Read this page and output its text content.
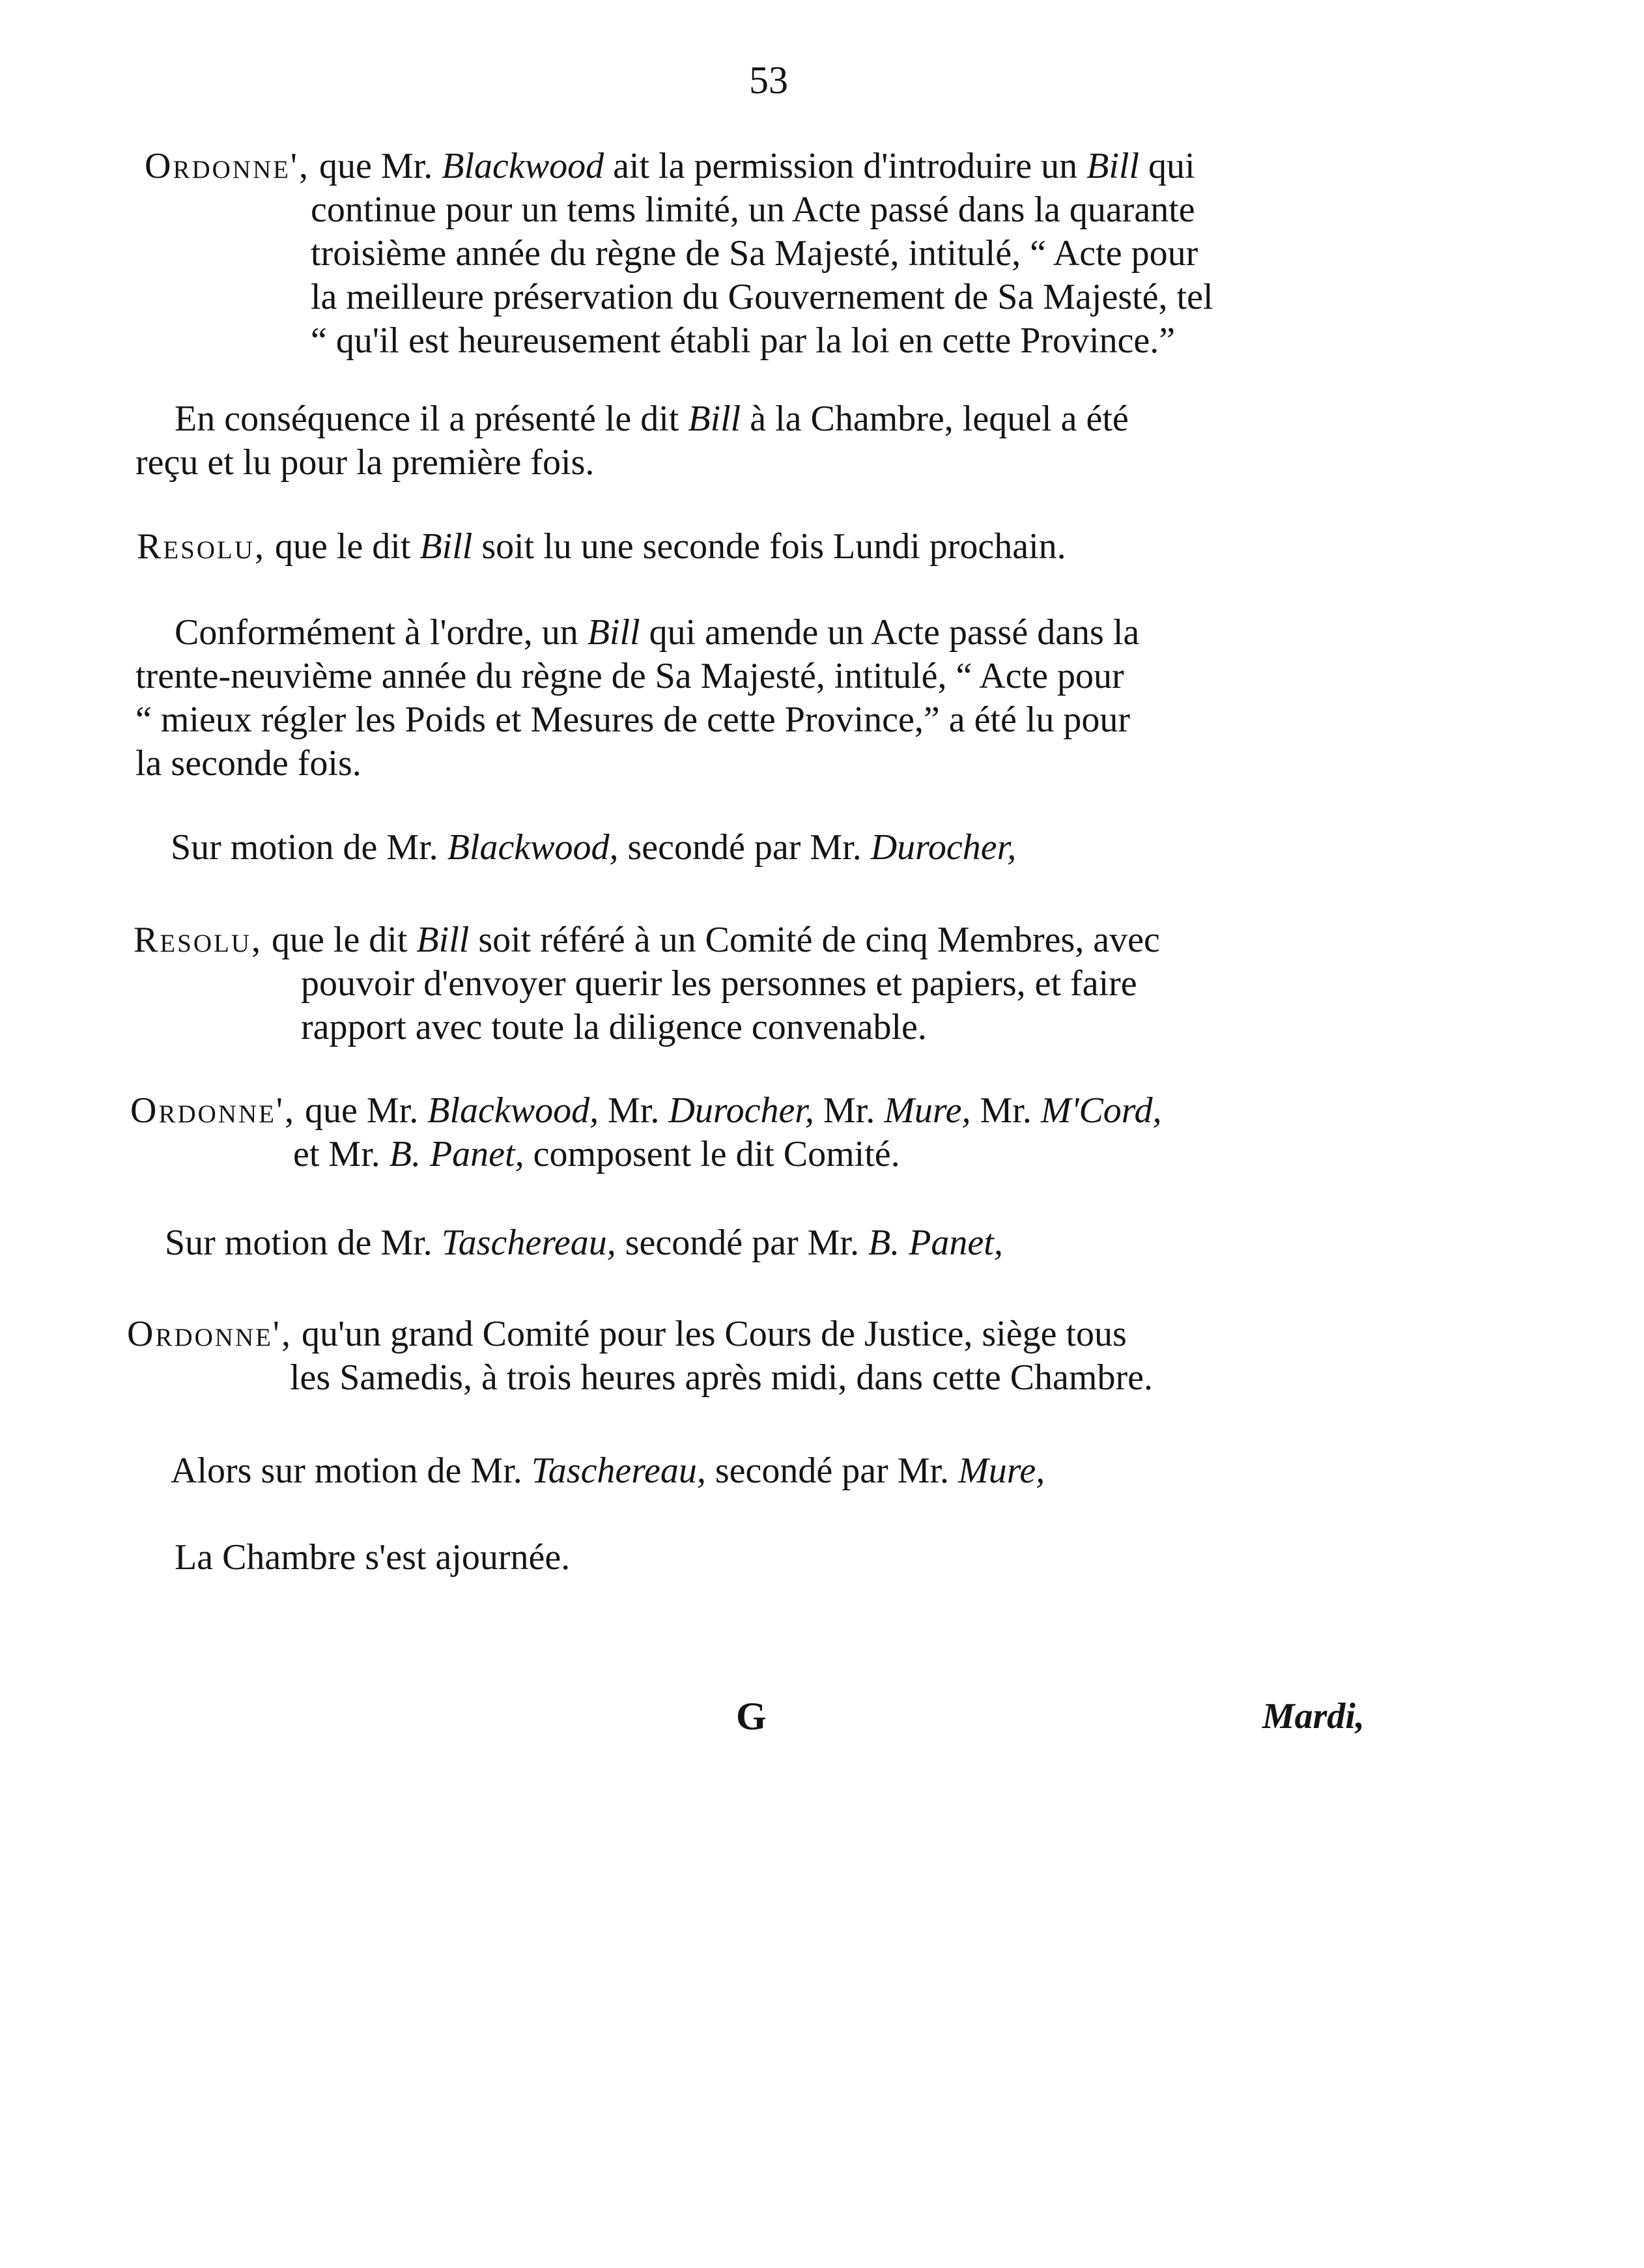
53
Ordonne', que Mr. Blackwood ait la permission d'introduire un Bill qui
continue pour un tems limité, un Acte passé dans la quarante
troisième année du règne de Sa Majesté, intitulé, “ Acte pour
la meilleure préservation du Gouvernement de Sa Majesté, tel
“ qu'il est heureusement établi par la loi en cette Province.”
En conséquence il a présenté le dit Bill à la Chambre, lequel a été
reçu et lu pour la première fois.
Resolu, que le dit Bill soit lu une seconde fois Lundi prochain.
Conformément à l'ordre, un Bill qui amende un Acte passé dans la
trente-neuvième année du règne de Sa Majesté, intitulé, “ Acte pour
“ mieux régler les Poids et Mesures de cette Province,” a été lu pour
la seconde fois.
Sur motion de Mr. Blackwood, secondé par Mr. Durocher,
Resolu, que le dit Bill soit référé à un Comité de cinq Membres, avec
pouvoir d'envoyer querir les personnes et papiers, et faire
rapport avec toute la diligence convenable.
Ordonne', que Mr. Blackwood, Mr. Durocher, Mr. Mure, Mr. M'Cord,
et Mr. B. Panet, composent le dit Comité.
Sur motion de Mr. Taschereau, secondé par Mr. B. Panet,
Ordonne', qu'un grand Comité pour les Cours de Justice, siège tous
les Samedis, à trois heures après midi, dans cette Chambre.
Alors sur motion de Mr. Taschereau, secondé par Mr. Mure,
La Chambre s'est ajournée.
G	Mardi,
